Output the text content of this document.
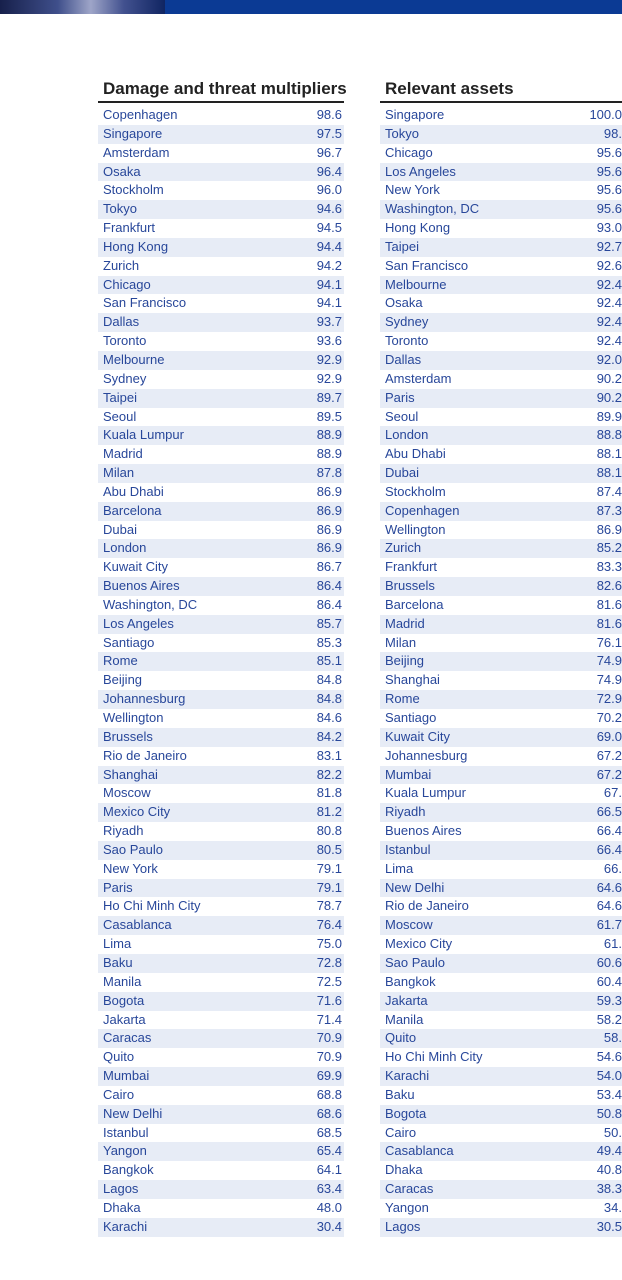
Damage and threat multipliers
Copenhagen	98.6
Singapore	97.5
Amsterdam	96.7
Osaka	96.4
Stockholm	96.0
Tokyo	94.6
Frankfurt	94.5
Hong Kong	94.4
Zurich	94.2
Chicago	94.1
San Francisco	94.1
Dallas	93.7
Toronto	93.6
Melbourne	92.9
Sydney	92.9
Taipei	89.7
Seoul	89.5
Kuala Lumpur	88.9
Madrid	88.9
Milan	87.8
Abu Dhabi	86.9
Barcelona	86.9
Dubai	86.9
London	86.9
Kuwait City	86.7
Buenos Aires	86.4
Washington, DC	86.4
Los Angeles	85.7
Santiago	85.3
Rome	85.1
Beijing	84.8
Johannesburg	84.8
Wellington	84.6
Brussels	84.2
Rio de Janeiro	83.1
Shanghai	82.2
Moscow	81.8
Mexico City	81.2
Riyadh	80.8
Sao Paulo	80.5
New York	79.1
Paris	79.1
Ho Chi Minh City	78.7
Casablanca	76.4
Lima	75.0
Baku	72.8
Manila	72.5
Bogota	71.6
Jakarta	71.4
Caracas	70.9
Quito	70.9
Mumbai	69.9
Cairo	68.8
New Delhi	68.6
Istanbul	68.5
Yangon	65.4
Bangkok	64.1
Lagos	63.4
Dhaka	48.0
Karachi	30.4
Relevant assets
Singapore	100.0
Tokyo	98.
Chicago	95.6
Los Angeles	95.6
New York	95.6
Washington, DC	95.6
Hong Kong	93.0
Taipei	92.7
San Francisco	92.6
Melbourne	92.4
Osaka	92.4
Sydney	92.4
Toronto	92.4
Dallas	92.0
Amsterdam	90.2
Paris	90.2
Seoul	89.9
London	88.8
Abu Dhabi	88.1
Dubai	88.1
Stockholm	87.4
Copenhagen	87.3
Wellington	86.9
Zurich	85.2
Frankfurt	83.3
Brussels	82.6
Barcelona	81.6
Madrid	81.6
Milan	76.1
Beijing	74.9
Shanghai	74.9
Rome	72.9
Santiago	70.2
Kuwait City	69.0
Johannesburg	67.2
Mumbai	67.2
Kuala Lumpur	67.
Riyadh	66.5
Buenos Aires	66.4
Istanbul	66.4
Lima	66.
New Delhi	64.6
Rio de Janeiro	64.6
Moscow	61.7
Mexico City	61.
Sao Paulo	60.6
Bangkok	60.4
Jakarta	59.3
Manila	58.2
Quito	58.
Ho Chi Minh City	54.6
Karachi	54.0
Baku	53.4
Bogota	50.8
Cairo	50.
Casablanca	49.4
Dhaka	40.8
Caracas	38.3
Yangon	34.
Lagos	30.5
